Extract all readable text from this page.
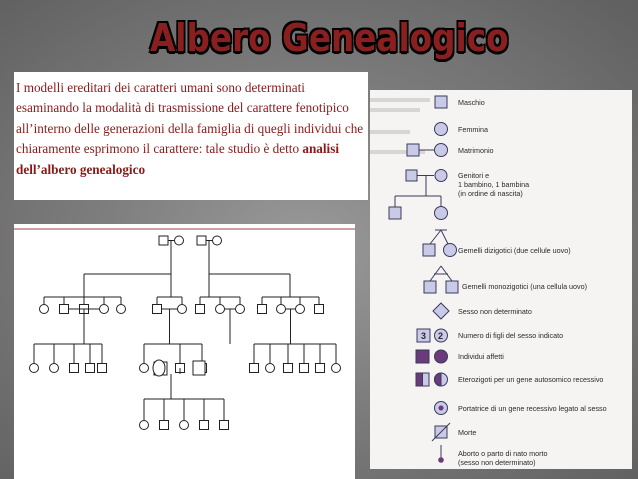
Albero Genealogico
I modelli ereditari dei caratteri umani sono determinati esaminando la modalità di trasmissione del carattere fenotipico all’interno delle generazioni della famiglia di quegli individui che chiaramente esprimono il carattere: tale studio è detto analisi dell’albero genealogico
Maschio
Femmina
Matrimonio
Genitori e
1 bambino, 1 bambina
(in ordine di nascita)
Gemelli dizigotici (due cellule uovo)
Gemelli monozigotici (una cellula uovo)
Sesso non determinato
3 2 Numero di figli del sesso indicato
Individui affetti
Eterozigoti per un gene autosomico recessivo
Portatrice di un gene recessivo legato al sesso
Morte
Aborto o parto di nato morto
(sesso non determinato)
